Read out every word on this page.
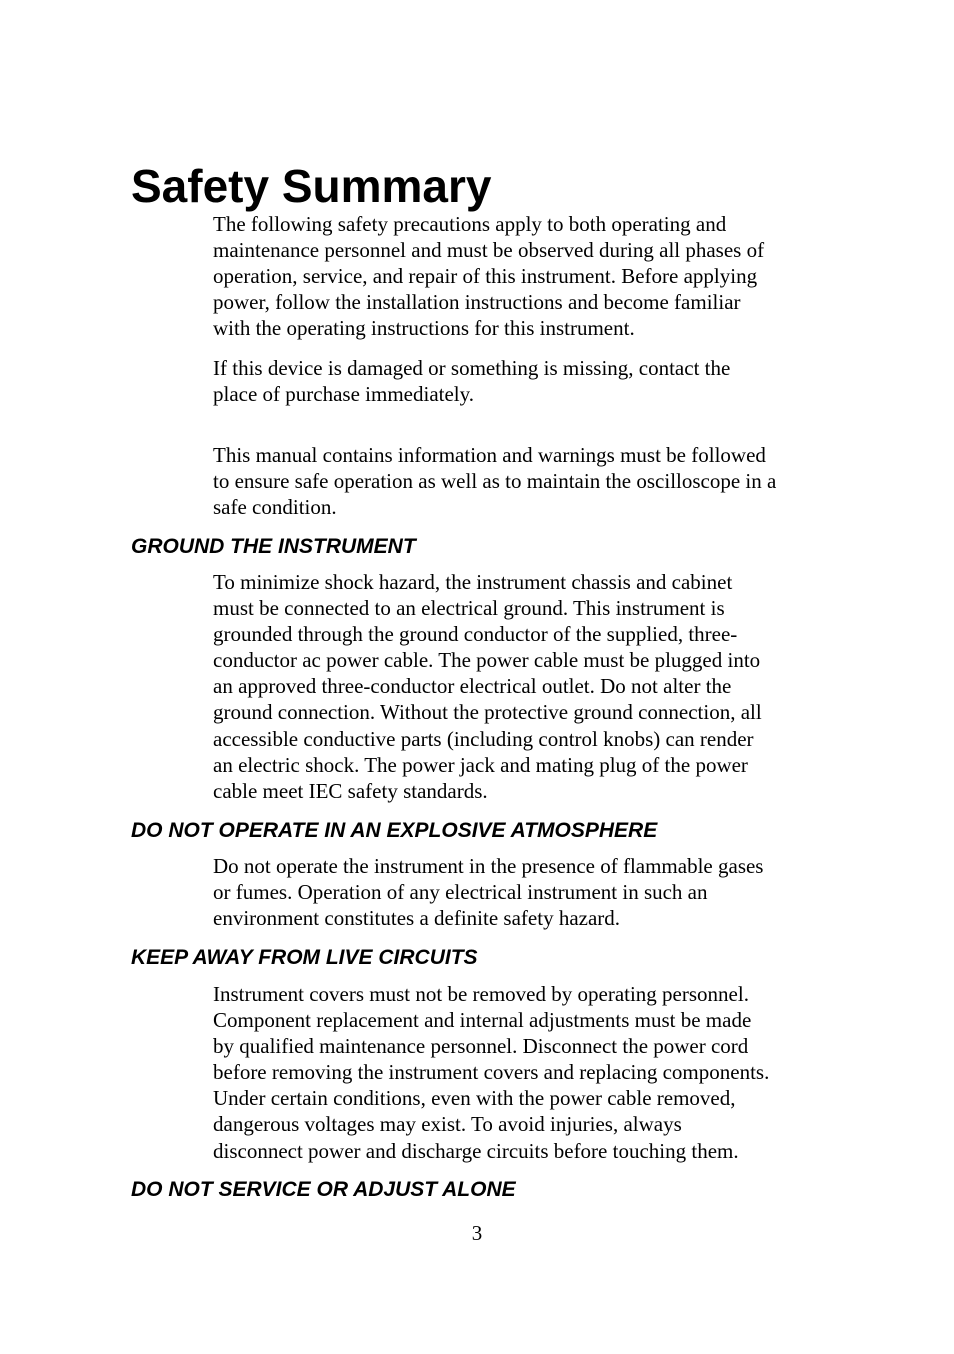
Safety Summary

The following safety precautions apply to both operating and
maintenance personnel and must be observed during all phases of
operation, service, and repair of this instrument. Before applying
power, follow the installation instructions and become familiar
with the operating instructions for this instrument.

If this device is damaged or something is missing, contact the
place of purchase immediately.

This manual contains information and warnings must be followed
to ensure safe operation as well as to maintain the oscilloscope in a
safe condition.

GROUND THE INSTRUMENT

To minimize shock hazard, the instrument chassis and cabinet
must be connected to an electrical ground. This instrument is
grounded through the ground conductor of the supplied, three-
conductor ac power cable. The power cable must be plugged into
an approved three-conductor electrical outlet. Do not alter the
ground connection. Without the protective ground connection, all
accessible conductive parts (including control knobs) can render
an electric shock. The power jack and mating plug of the power
cable meet IEC safety standards.

DO NOT OPERATE IN AN EXPLOSIVE ATMOSPHERE

Do not operate the instrument in the presence of flammable gases
or fumes. Operation of any electrical instrument in such an
environment constitutes a definite safety hazard.

KEEP AWAY FROM LIVE CIRCUITS

Instrument covers must not be removed by operating personnel.
Component replacement and internal adjustments must be made
by qualified maintenance personnel. Disconnect the power cord
before removing the instrument covers and replacing components.
Under certain conditions, even with the power cable removed,
dangerous voltages may exist. To avoid injuries, always
disconnect power and discharge circuits before touching them.

DO NOT SERVICE OR ADJUST ALONE
3
